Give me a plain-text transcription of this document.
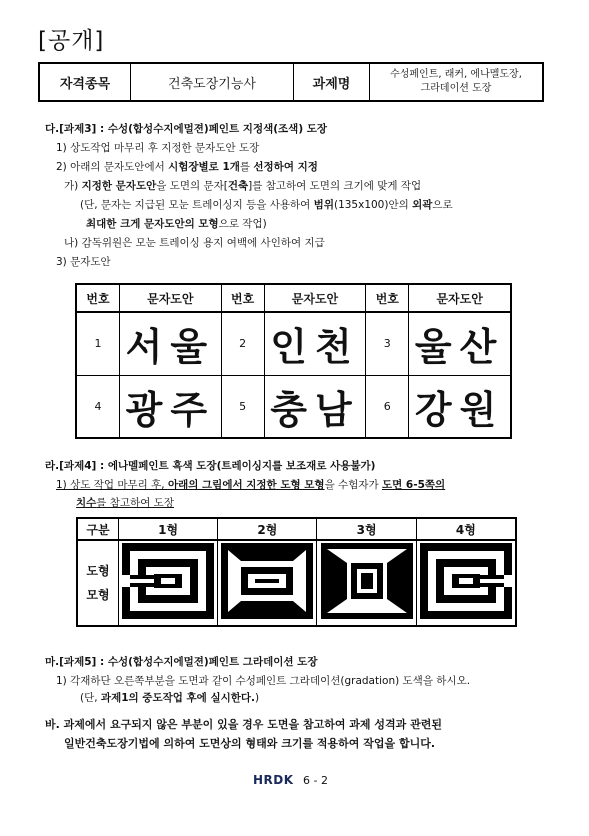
[공개]
자격종목	건축도장기능사	과제명	
수성페인트, 래커, 에나멜도장,
그라데이션 도장
다.[과제3] : 수성(합성수지에멀젼)페인트 지정색(조색) 도장
1) 상도작업 마무리 후 지정한 문자도안 도장
2) 아래의 문자도안에서 시험장별로 1개를 선정하여 지정
가) 지정한 문자도안을 도면의 문자[건축]를 참고하여 도면의 크기에 맞게 작업
(단, 문자는 지급된 모눈 트레이싱지 등을 사용하여 범위(135x100)안의 외곽으로
최대한 크게 문자도안의 모형으로 작업)
나) 감독위원은 모눈 트레이싱 용지 여백에 사인하여 지급
3) 문자도안
번호	문자도안	번호	문자도안	번호	문자도안
1	서울	2	인천	3	울산
4	광주	5	충남	6	강원
라.[과제4] : 에나멜페인트 흑색 도장(트레이싱지를 보조재로 사용불가)
1) 상도 작업 마무리 후, 아래의 그림에서 지정한 도형 모형을 수험자가 도면 6-5쪽의
치수를 참고하여 도장
구분	1형	2형	3형	4형

도형
모형

마.[과제5] : 수성(합성수지에멀젼)페인트 그라데이션 도장
1) 각재하단 오른쪽부분을 도면과 같이 수성페인트 그라데이션(gradation) 도색을 하시오.
(단, 과제1의 중도작업 후에 실시한다.)
바. 과제에서 요구되지 않은 부분이 있을 경우 도면을 참고하여 과제 성격과 관련된
일반건축도장기법에 의하여 도면상의 형태와 크기를 적용하여 작업을 합니다.
HRDK 6 - 2
